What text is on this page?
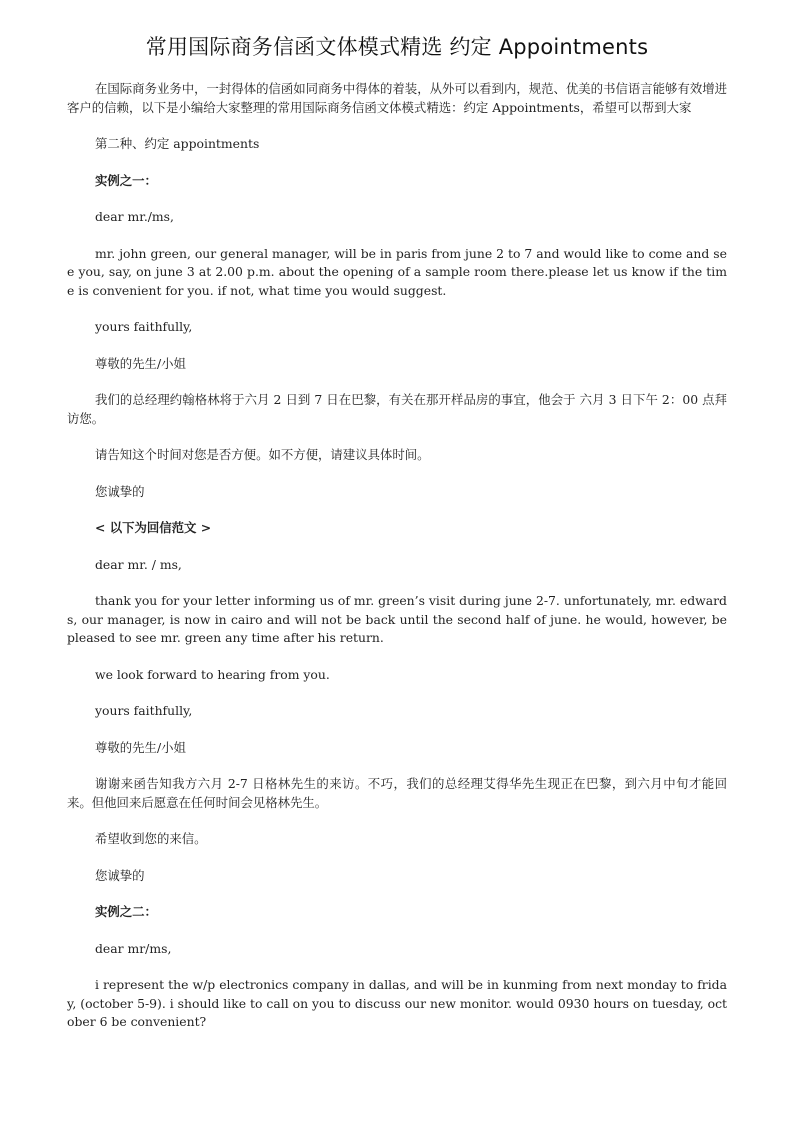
常用国际商务信函文体模式精选 约定 Appointments

在国际商务业务中，一封得体的信函如同商务中得体的着装，从外可以看到内，规范、优美的书信语言能够有效增进客户的信赖，以下是小编给大家整理的常用国际商务信函文体模式精选：约定 Appointments，希望可以帮到大家

第二种、约定 appointments

实例之一：

dear mr./ms,

mr. john green, our general manager, will be in paris from june 2 to 7 and would like to come and see you, say, on june 3 at 2.00 p.m. about the opening of a sample room there.please let us know if the time is convenient for you. if not, what time you would suggest.

yours faithfully,

尊敬的先生/小姐

我们的总经理约翰格林将于六月 2 日到 7 日在巴黎，有关在那开样品房的事宜，他会于 六月 3 日下午 2：00 点拜访您。

请告知这个时间对您是否方便。如不方便，请建议具体时间。

您诚挚的

< 以下为回信范文 >

dear mr. / ms,

thank you for your letter informing us of mr. green’s visit during june 2-7. unfortunately, mr. edwards, our manager, is now in cairo and will not be back until the second half of june. he would, however, be pleased to see mr. green any time after his return.

we look forward to hearing from you.

yours faithfully,

尊敬的先生/小姐

谢谢来函告知我方六月 2-7 日格林先生的来访。不巧，我们的总经理艾得华先生现正在巴黎，到六月中旬才能回来。但他回来后愿意在任何时间会见格林先生。

希望收到您的来信。

您诚挚的

实例之二：

dear mr/ms,

i represent the w/p electronics company in dallas, and will be in kunming from next monday to friday, (october 5-9). i should like to call on you to discuss our new monitor. would 0930 hours on tuesday, october 6 be convenient?
